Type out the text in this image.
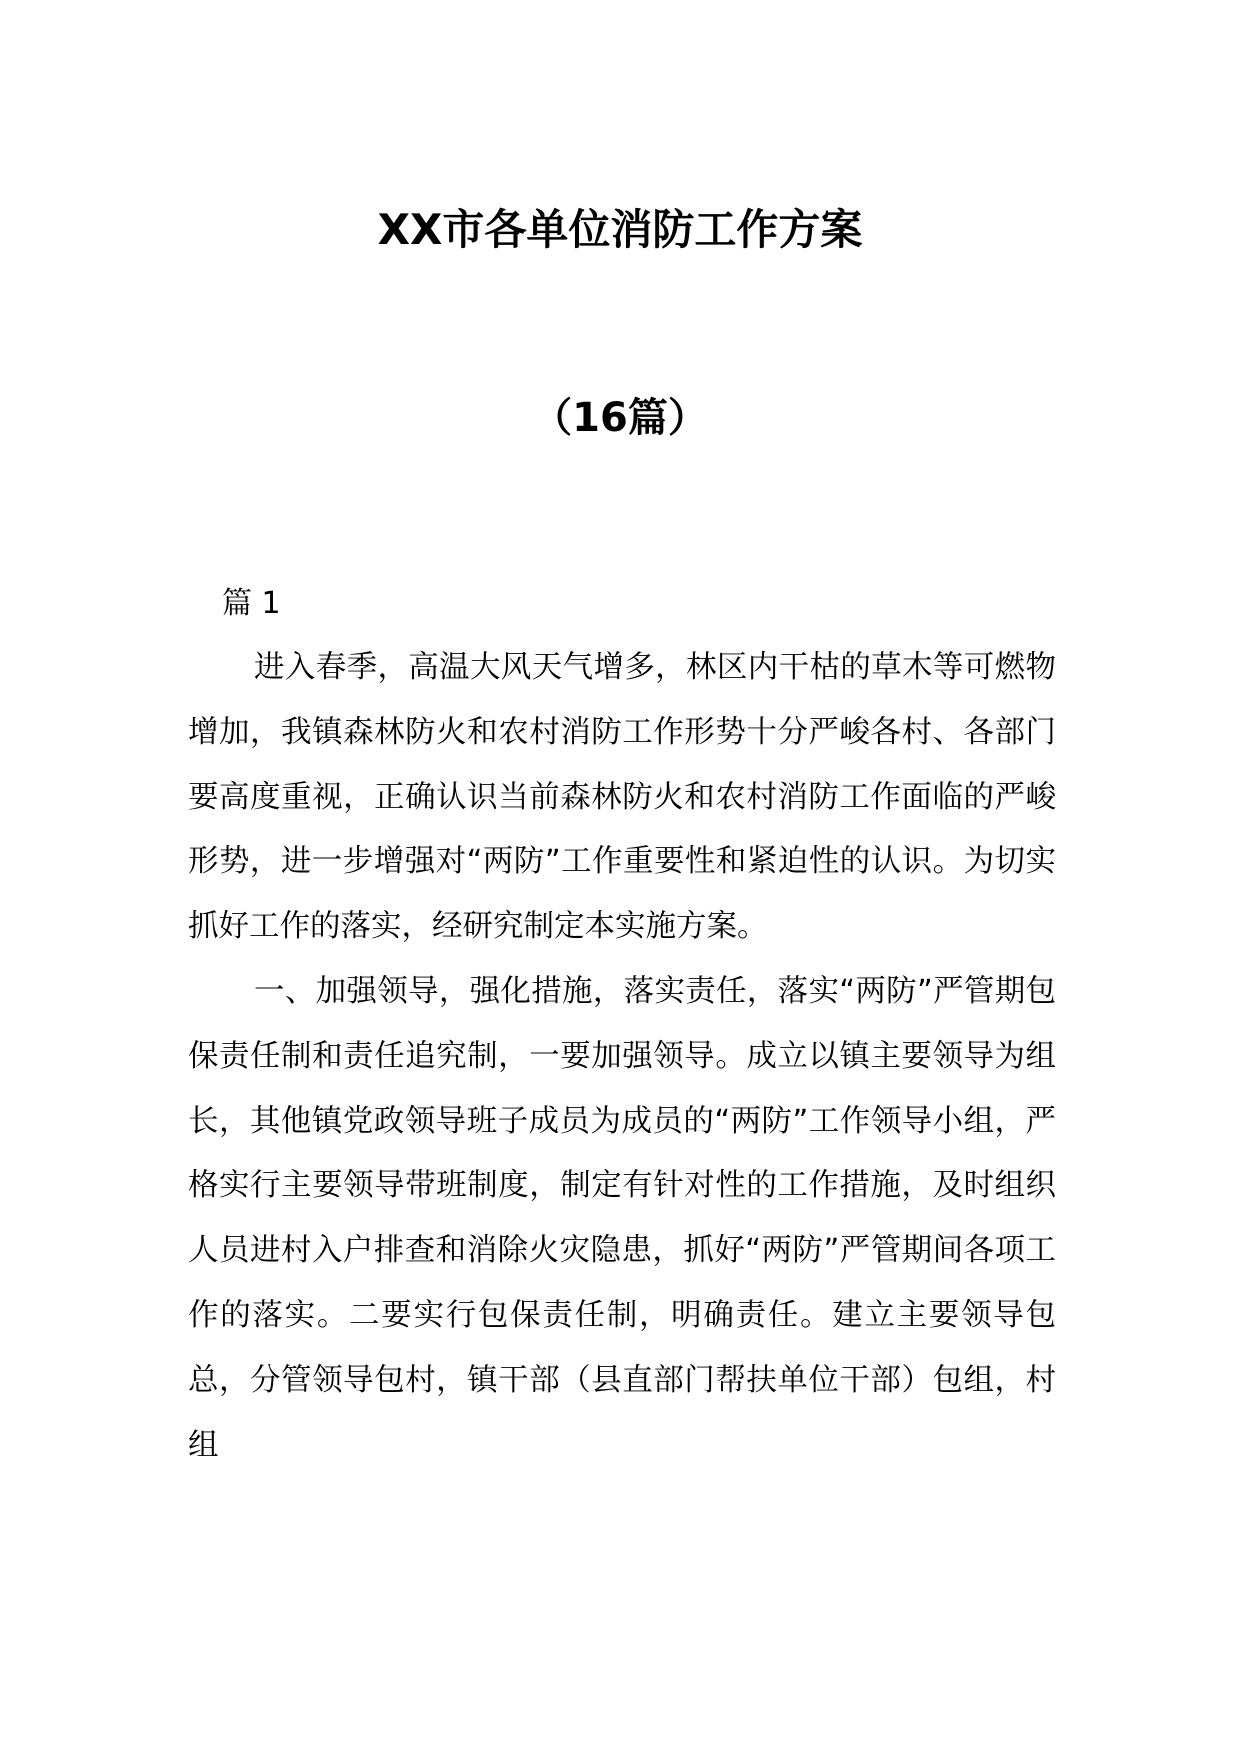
XX市各单位消防工作方案
（16篇）
篇 1

进入春季，高温大风天气增多，林区内干枯的草木等可燃物增加，我镇森林防火和农村消防工作形势十分严峻各村、各部门要高度重视，正确认识当前森林防火和农村消防工作面临的严峻形势，进一步增强对“两防”工作重要性和紧迫性的认识。为切实抓好工作的落实，经研究制定本实施方案。

一、加强领导，强化措施，落实责任，落实“两防”严管期包保责任制和责任追究制，一要加强领导。成立以镇主要领导为组长，其他镇党政领导班子成员为成员的“两防”工作领导小组，严格实行主要领导带班制度，制定有针对性的工作措施，及时组织人员进村入户排查和消除火灾隐患，抓好“两防”严管期间各项工作的落实。二要实行包保责任制，明确责任。建立主要领导包总，分管领导包村，镇干部（县直部门帮扶单位干部）包组，村组
